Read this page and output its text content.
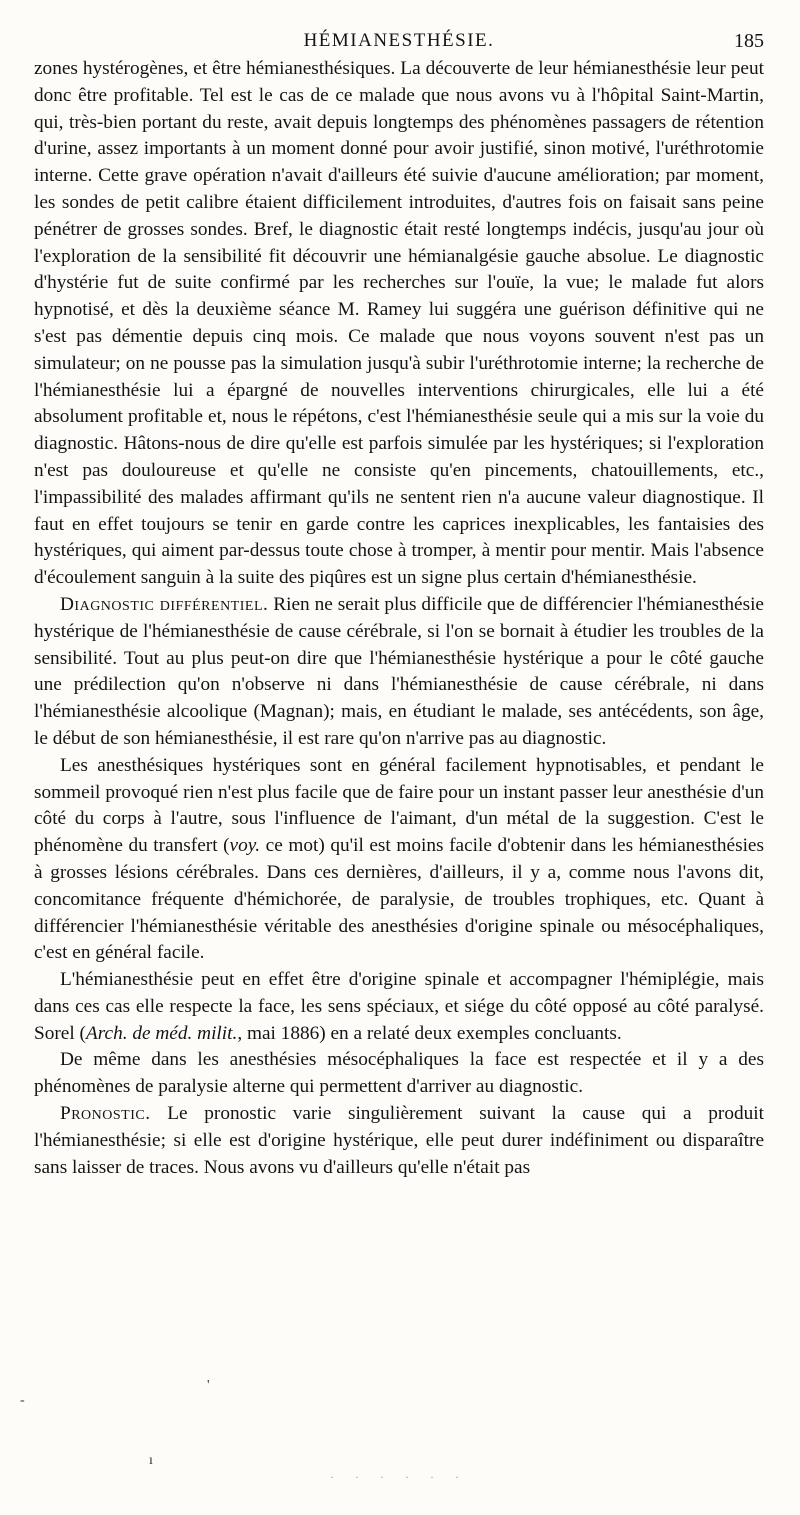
HÉMIANESTHÉSIE.	185

zones hystérogènes, et être hémianesthésiques. La découverte de leur hémianesthésie leur peut donc être profitable. Tel est le cas de ce malade que nous avons vu à l'hôpital Saint-Martin, qui, très-bien portant du reste, avait depuis longtemps des phénomènes passagers de rétention d'urine, assez importants à un moment donné pour avoir justifié, sinon motivé, l'uréthrotomie interne. Cette grave opération n'avait d'ailleurs été suivie d'aucune amélioration; par moment, les sondes de petit calibre étaient difficilement introduites, d'autres fois on faisait sans peine pénétrer de grosses sondes. Bref, le diagnostic était resté longtemps indécis, jusqu'au jour où l'exploration de la sensibilité fit découvrir une hémianalgésie gauche absolue. Le diagnostic d'hystérie fut de suite confirmé par les recherches sur l'ouïe, la vue; le malade fut alors hypnotisé, et dès la deuxième séance M. Ramey lui suggéra une guérison définitive qui ne s'est pas démentie depuis cinq mois. Ce malade que nous voyons souvent n'est pas un simulateur; on ne pousse pas la simulation jusqu'à subir l'uréthrotomie interne; la recherche de l'hémianesthésie lui a épargné de nouvelles interventions chirurgicales, elle lui a été absolument profitable et, nous le répétons, c'est l'hémianesthésie seule qui a mis sur la voie du diagnostic. Hâtons-nous de dire qu'elle est parfois simulée par les hystériques; si l'exploration n'est pas douloureuse et qu'elle ne consiste qu'en pincements, chatouillements, etc., l'impassibilité des malades affirmant qu'ils ne sentent rien n'a aucune valeur diagnostique. Il faut en effet toujours se tenir en garde contre les caprices inexplicables, les fantaisies des hystériques, qui aiment par-dessus toute chose à tromper, à mentir pour mentir. Mais l'absence d'écoulement sanguin à la suite des piqûres est un signe plus certain d'hémianesthésie.

Diagnostic différentiel. Rien ne serait plus difficile que de différencier l'hémianesthésie hystérique de l'hémianesthésie de cause cérébrale, si l'on se bornait à étudier les troubles de la sensibilité. Tout au plus peut-on dire que l'hémianesthésie hystérique a pour le côté gauche une prédilection qu'on n'observe ni dans l'hémianesthésie de cause cérébrale, ni dans l'hémianesthésie alcoolique (Magnan); mais, en étudiant le malade, ses antécédents, son âge, le début de son hémianesthésie, il est rare qu'on n'arrive pas au diagnostic.

Les anesthésiques hystériques sont en général facilement hypnotisables, et pendant le sommeil provoqué rien n'est plus facile que de faire pour un instant passer leur anesthésie d'un côté du corps à l'autre, sous l'influence de l'aimant, d'un métal de la suggestion. C'est le phénomène du transfert (voy. ce mot) qu'il est moins facile d'obtenir dans les hémianesthésies à grosses lésions cérébrales. Dans ces dernières, d'ailleurs, il y a, comme nous l'avons dit, concomitance fréquente d'hémichorée, de paralysie, de troubles trophiques, etc. Quant à différencier l'hémianesthésie véritable des anesthésies d'origine spinale ou mésocéphaliques, c'est en général facile.

L'hémianesthésie peut en effet être d'origine spinale et accompagner l'hémiplégie, mais dans ces cas elle respecte la face, les sens spéciaux, et siége du côté opposé au côté paralysé. Sorel (Arch. de méd. milit., mai 1886) en a relaté deux exemples concluants.

De même dans les anesthésies mésocéphaliques la face est respectée et il y a des phénomènes de paralysie alterne qui permettent d'arriver au diagnostic.

Pronostic. Le pronostic varie singulièrement suivant la cause qui a produit l'hémianesthésie; si elle est d'origine hystérique, elle peut durer indéfiniment ou disparaître sans laisser de traces. Nous avons vu d'ailleurs qu'elle n'était pas

-
'
ı
· · · · · ·
